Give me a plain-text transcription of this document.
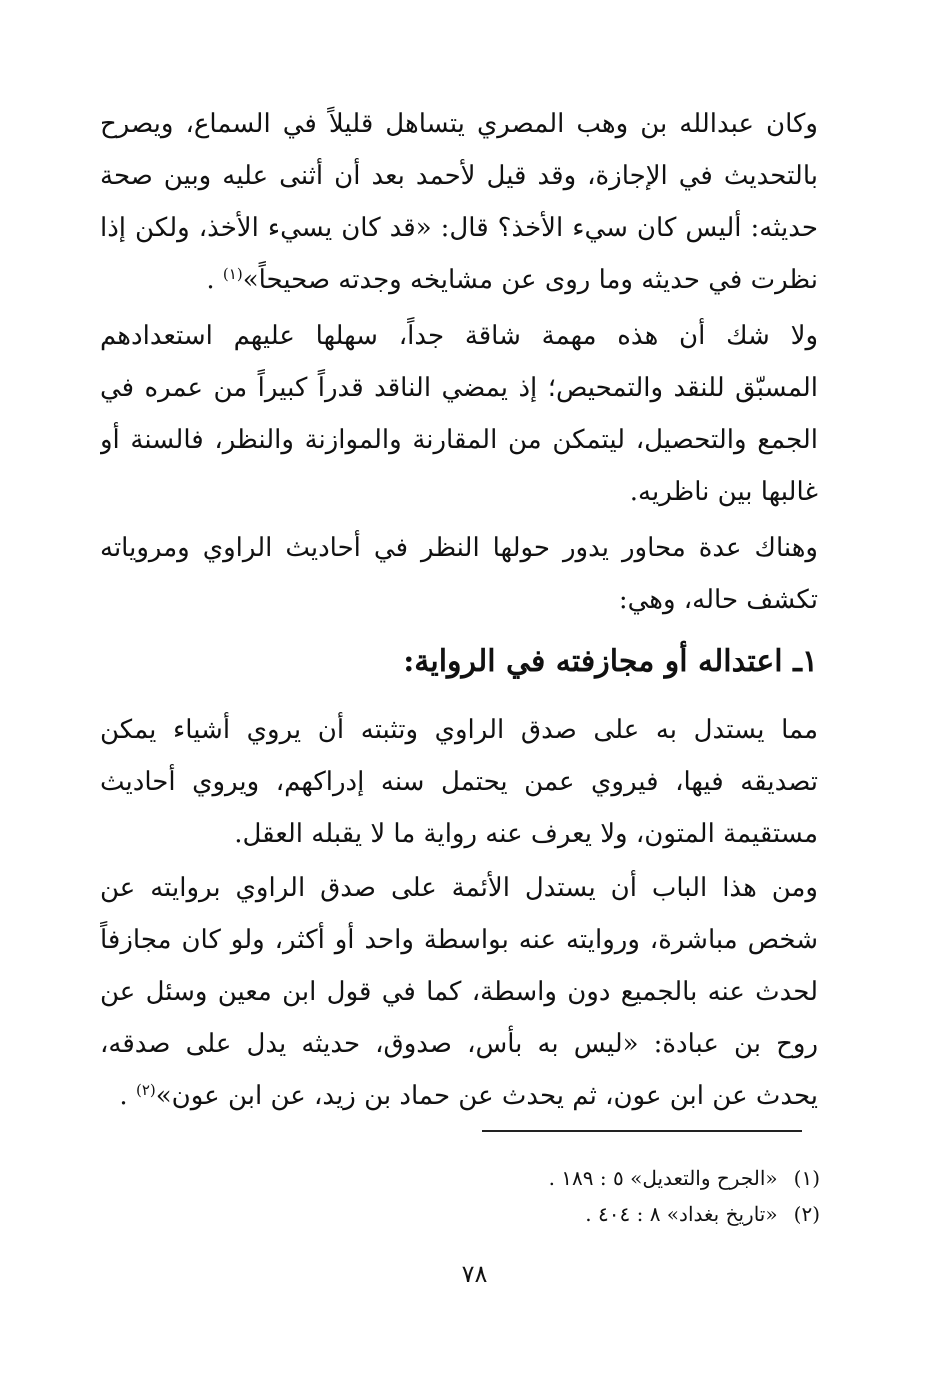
وكان عبدالله بن وهب المصري يتساهل قليلاً في السماع، ويصرح
بالتحديث في الإجازة، وقد قيل لأحمد بعد أن أثنى عليه وبين صحة
حديثه: أليس كان سيء الأخذ؟ قال: «قد كان يسيء الأخذ، ولكن إذا
نظرت في حديثه وما روى عن مشايخه وجدته صحيحاً»$^{(١)}$ .
ولا شك أن هذه مهمة شاقة جداً، سهلها عليهم استعدادهم
المسبّق للنقد والتمحيص؛ إذ يمضي الناقد قدراً كبيراً من عمره في
الجمع والتحصيل، ليتمكن من المقارنة والموازنة والنظر، فالسنة أو
غالبها بين ناظريه.
وهناك عدة محاور يدور حولها النظر في أحاديث الراوي ومروياته
تكشف حاله، وهي:
١ـ اعتداله أو مجازفته في الرواية:
مما يستدل به على صدق الراوي وتثبته أن يروي أشياء يمكن
تصديقه فيها، فيروي عمن يحتمل سنه إدراكهم، ويروي أحاديث
مستقيمة المتون، ولا يعرف عنه رواية ما لا يقبله العقل.
ومن هذا الباب أن يستدل الأئمة على صدق الراوي بروايته عن
شخص مباشرة، وروايته عنه بواسطة واحد أو أكثر، ولو كان مجازفاً
لحدث عنه بالجميع دون واسطة، كما في قول ابن معين وسئل عن
روح بن عبادة: «ليس به بأس، صدوق، حديثه يدل على صدقه،
يحدث عن ابن عون، ثم يحدث عن حماد بن زيد، عن ابن عون»$^{(٢)}$ .
(١)«الجرح والتعديل» ٥ : ١٨٩ .
(٢)«تاريخ بغداد» ٨ : ٤٠٤ .
٧٨
